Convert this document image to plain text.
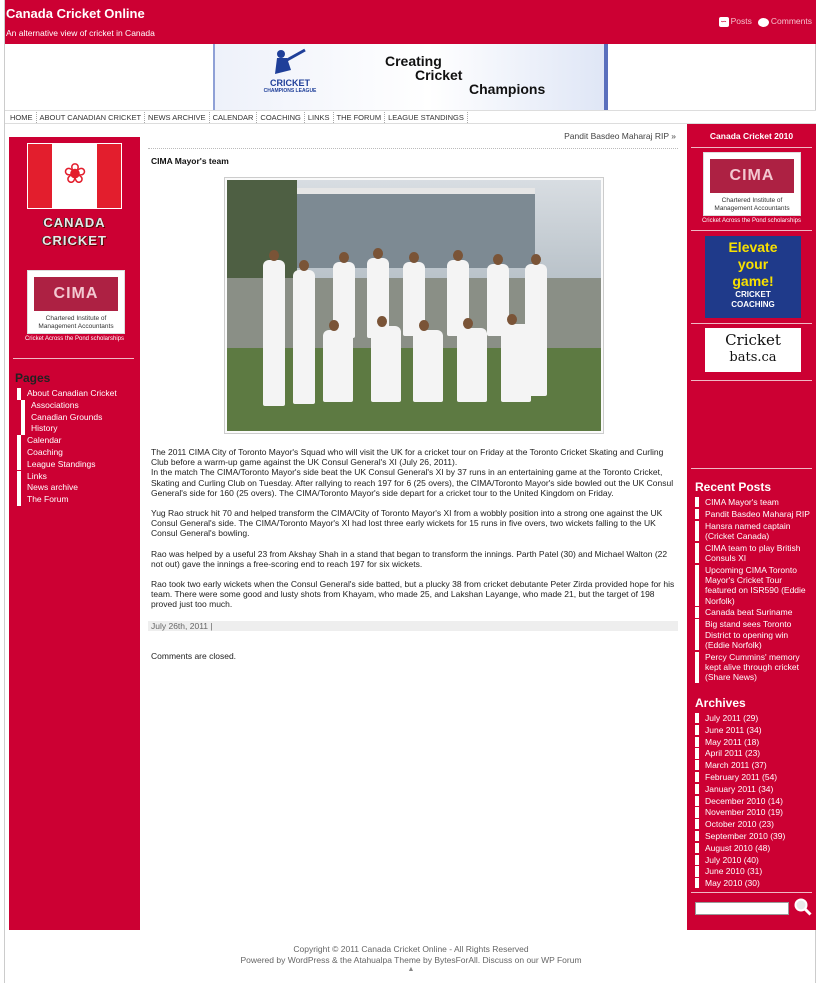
Canada Cricket Online
An alternative view of cricket in Canada
∽ Posts	Comments
CRICKET
CHAMPIONS LEAGUE
Creating
Cricket
Champions
HOME ABOUT CANADIAN CRICKET NEWS ARCHIVE CALENDAR COACHING LINKS THE FORUM LEAGUE STANDINGS
❀
CANADA
CRICKET
CIMA
Chartered Institute of
Management Accountants
Cricket Across the Pond scholarships
Pages
About Canadian Cricket
Associations
Canadian Grounds
History
Calendar
Coaching
League Standings
Links
News archive
The Forum
Pandit Basdeo Maharaj RIP »
CIMA Mayor's team

The 2011 CIMA City of Toronto Mayor's Squad who will visit the UK for a cricket tour on Friday at the Toronto Cricket Skating and Curling Club before a warm-up game against the UK Consul General's XI (July 26, 2011).
In the match The CIMA/Toronto Mayor's side beat the UK Consul General's XI by 37 runs in an entertaining game at the Toronto Cricket, Skating and Curling Club on Tuesday. After rallying to reach 197 for 6 (25 overs), the CIMA/Toronto Mayor's side bowled out the UK Consul General's side for 160 (25 overs). The CIMA/Toronto Mayor's side depart for a cricket tour to the United Kingdom on Friday.

Yug Rao struck hit 70 and helped transform the CIMA/City of Toronto Mayor's XI from a wobbly position into a strong one against the UK Consul General's side. The CIMA/Toronto Mayor's XI had lost three early wickets for 15 runs in five overs, two wickets falling to the UK Consul General's bowling.

Rao was helped by a useful 23 from Akshay Shah in a stand that began to transform the innings. Parth Patel (30) and Michael Walton (22 not out) gave the innings a free-scoring end to reach 197 for six wickets.

Rao took two early wickets when the Consul General's side batted, but a plucky 38 from cricket debutante Peter Zirda provided hope for his team. There were some good and lusty shots from Khayam, who made 25, and Lakshan Layange, who made 21, but the target of 198 proved just too much.

July 26th, 2011 |
Comments are closed.
Canada Cricket 2010
CIMA
Chartered Institute of
Management Accountants
Cricket Across the Pond scholarships
Elevate
your
game!
CRICKET
COACHING
Cricket
bats.ca
Recent Posts
CIMA Mayor's team
Pandit Basdeo Maharaj RIP
Hansra named captain (Cricket Canada)
CIMA team to play British Consuls XI
Upcoming CIMA Toronto Mayor's Cricket Tour featured on ISR590 (Eddie Norfolk)
Canada beat Suriname
Big stand sees Toronto District to opening win (Eddie Norfolk)
Percy Cummins' memory kept alive through cricket (Share News)
Archives
July 2011 (29)
June 2011 (34)
May 2011 (18)
April 2011 (23)
March 2011 (37)
February 2011 (54)
January 2011 (34)
December 2010 (14)
November 2010 (19)
October 2010 (23)
September 2010 (39)
August 2010 (48)
July 2010 (40)
June 2010 (31)
May 2010 (30)
Copyright © 2011 Canada Cricket Online - All Rights Reserved
Powered by WordPress & the Atahualpa Theme by BytesForAll. Discuss on our WP Forum
▲
